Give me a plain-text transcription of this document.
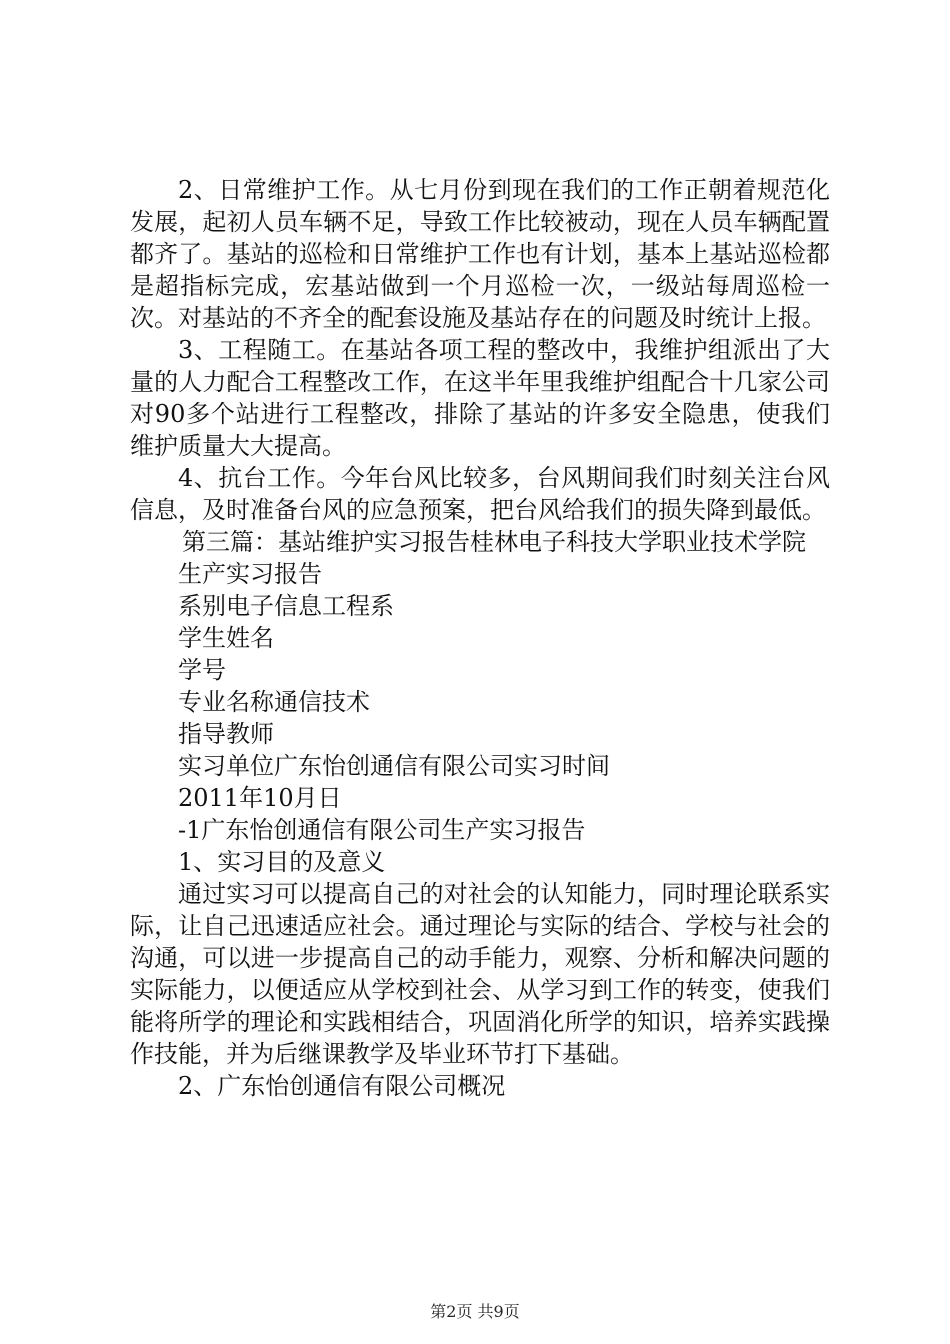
2、日常维护工作。从七月份到现在我们的工作正朝着规范化发展，起初人员车辆不足，导致工作比较被动，现在人员车辆配置都齐了。基站的巡检和日常维护工作也有计划，基本上基站巡检都是超指标完成，宏基站做到一个月巡检一次，一级站每周巡检一次。对基站的不齐全的配套设施及基站存在的问题及时统计上报。

3、工程随工。在基站各项工程的整改中，我维护组派出了大量的人力配合工程整改工作，在这半年里我维护组配合十几家公司对90多个站进行工程整改，排除了基站的许多安全隐患，使我们维护质量大大提高。

4、抗台工作。今年台风比较多，台风期间我们时刻关注台风信息，及时准备台风的应急预案，把台风给我们的损失降到最低。

第三篇：基站维护实习报告桂林电子科技大学职业技术学院

生产实习报告

系别电子信息工程系

学生姓名

学号

专业名称通信技术

指导教师

实习单位广东怡创通信有限公司实习时间

2011年10月日

-1广东怡创通信有限公司生产实习报告

1、实习目的及意义

通过实习可以提高自己的对社会的认知能力，同时理论联系实际，让自己迅速适应社会。通过理论与实际的结合、学校与社会的沟通，可以进一步提高自己的动手能力，观察、分析和解决问题的实际能力，以便适应从学校到社会、从学习到工作的转变，使我们能将所学的理论和实践相结合，巩固消化所学的知识，培养实践操作技能，并为后继课教学及毕业环节打下基础。

2、广东怡创通信有限公司概况

第2页 共9页
